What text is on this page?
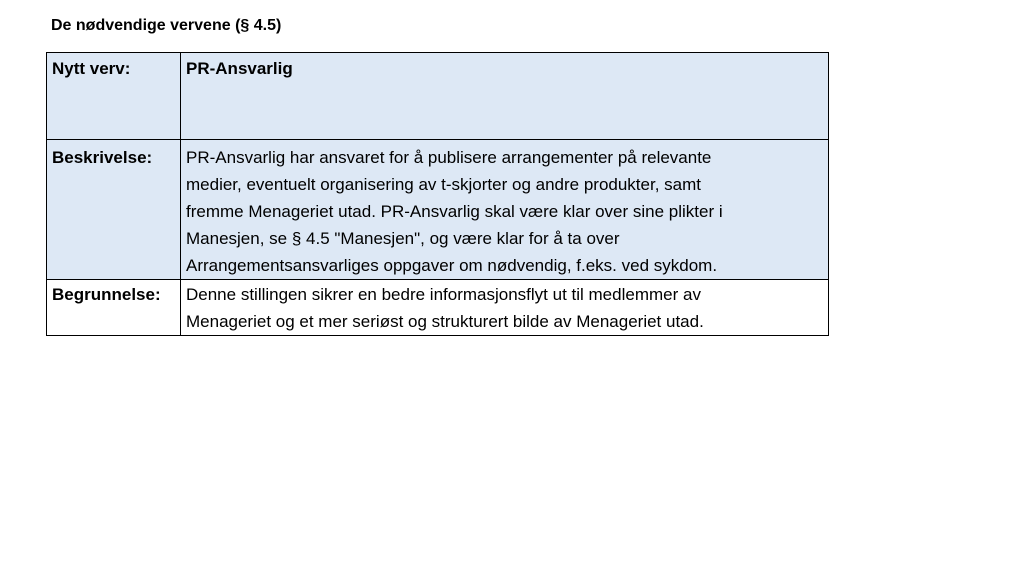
De nødvendige vervene (§ 4.5)
Nytt verv:	PR-Ansvarlig

Beskrivelse:	PR-Ansvarlig har ansvaret for å publisere arrangementer på relevante
medier, eventuelt organisering av t-skjorter og andre produkter, samt
fremme Menageriet utad. PR-Ansvarlig skal være klar over sine plikter i
Manesjen, se § 4.5 "Manesjen", og være klar for å ta over
Arrangementsansvarliges oppgaver om nødvendig, f.eks. ved sykdom.

Begrunnelse:	Denne stillingen sikrer en bedre informasjonsflyt ut til medlemmer av
Menageriet og et mer seriøst og strukturert bilde av Menageriet utad.
